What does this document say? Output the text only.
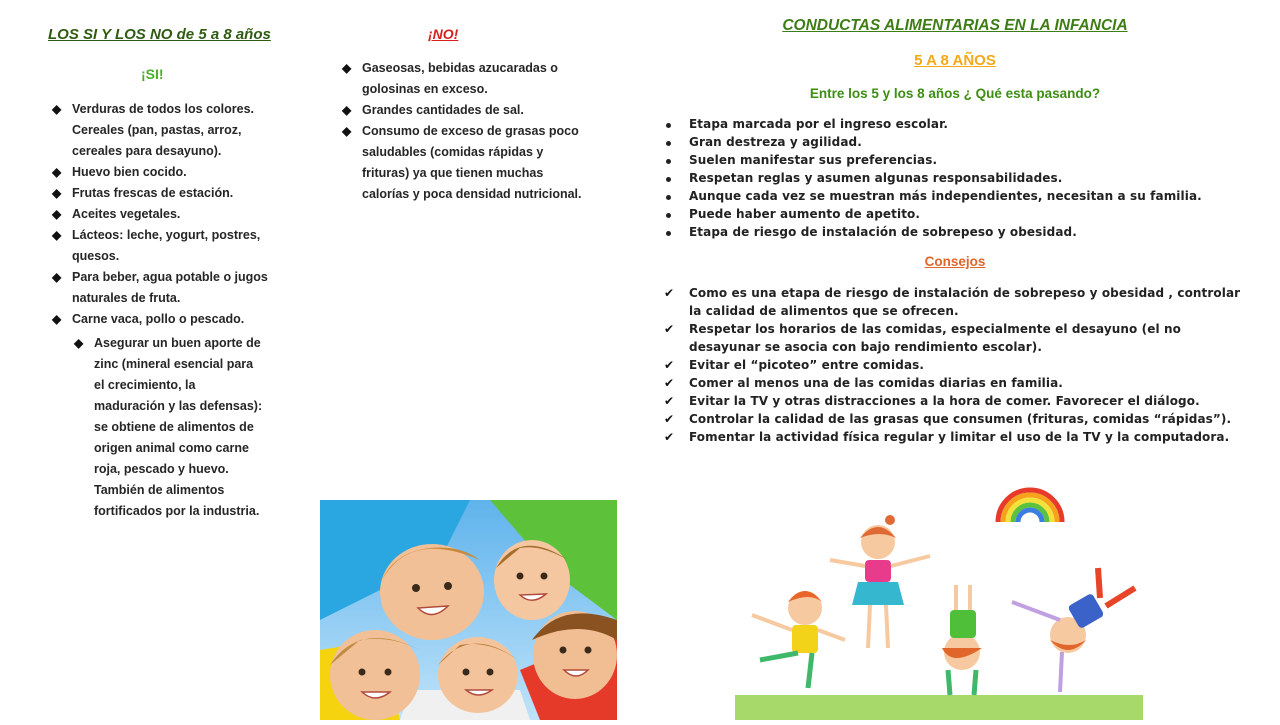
LOS SI Y LOS NO de 5 a 8 años
¡SI!
◆ Verduras de todos los colores. Cereales (pan, pastas, arroz, cereales para desayuno).
◆ Huevo bien cocido.
◆ Frutas frescas de estación.
◆ Aceites vegetales.
◆ Lácteos: leche, yogurt, postres, quesos.
◆ Para beber, agua potable o jugos naturales de fruta.
◆ Carne vaca, pollo o pescado.
◆ Asegurar un buen aporte de zinc (mineral esencial para el crecimiento, la maduración y las defensas): se obtiene de alimentos de origen animal como carne roja, pescado y huevo. También de alimentos fortificados por la industria.
¡NO!
◆ Gaseosas, bebidas azucaradas o golosinas en exceso.
◆ Grandes cantidades de sal.
◆ Consumo de exceso de grasas poco saludables (comidas rápidas y frituras) ya que tienen muchas calorías y poca densidad nutricional.
CONDUCTAS ALIMENTARIAS EN LA INFANCIA
5 A 8 AÑOS
Entre los 5 y los 8 años ¿ Qué esta pasando?
Etapa marcada por el ingreso escolar.
Gran destreza y agilidad.
Suelen manifestar sus preferencias.
Respetan reglas y asumen algunas responsabilidades.
Aunque cada vez se muestran más independientes, necesitan a su familia.
Puede haber aumento de apetito.
Etapa de riesgo de instalación de sobrepeso y obesidad.
Consejos
✔ Como es una etapa de riesgo de instalación de sobrepeso y obesidad , controlar la calidad de alimentos que se ofrecen.
✔ Respetar los horarios de las comidas, especialmente el desayuno (el no desayunar se asocia con bajo rendimiento escolar).
✔ Evitar el “picoteo” entre comidas.
✔ Comer al menos una de las comidas diarias en familia.
✔ Evitar la TV y otras distracciones a la hora de comer. Favorecer el diálogo.
✔ Controlar la calidad de las grasas que consumen (frituras, comidas “rápidas”).
✔ Fomentar la actividad física regular y limitar el uso de la TV y la computadora.
